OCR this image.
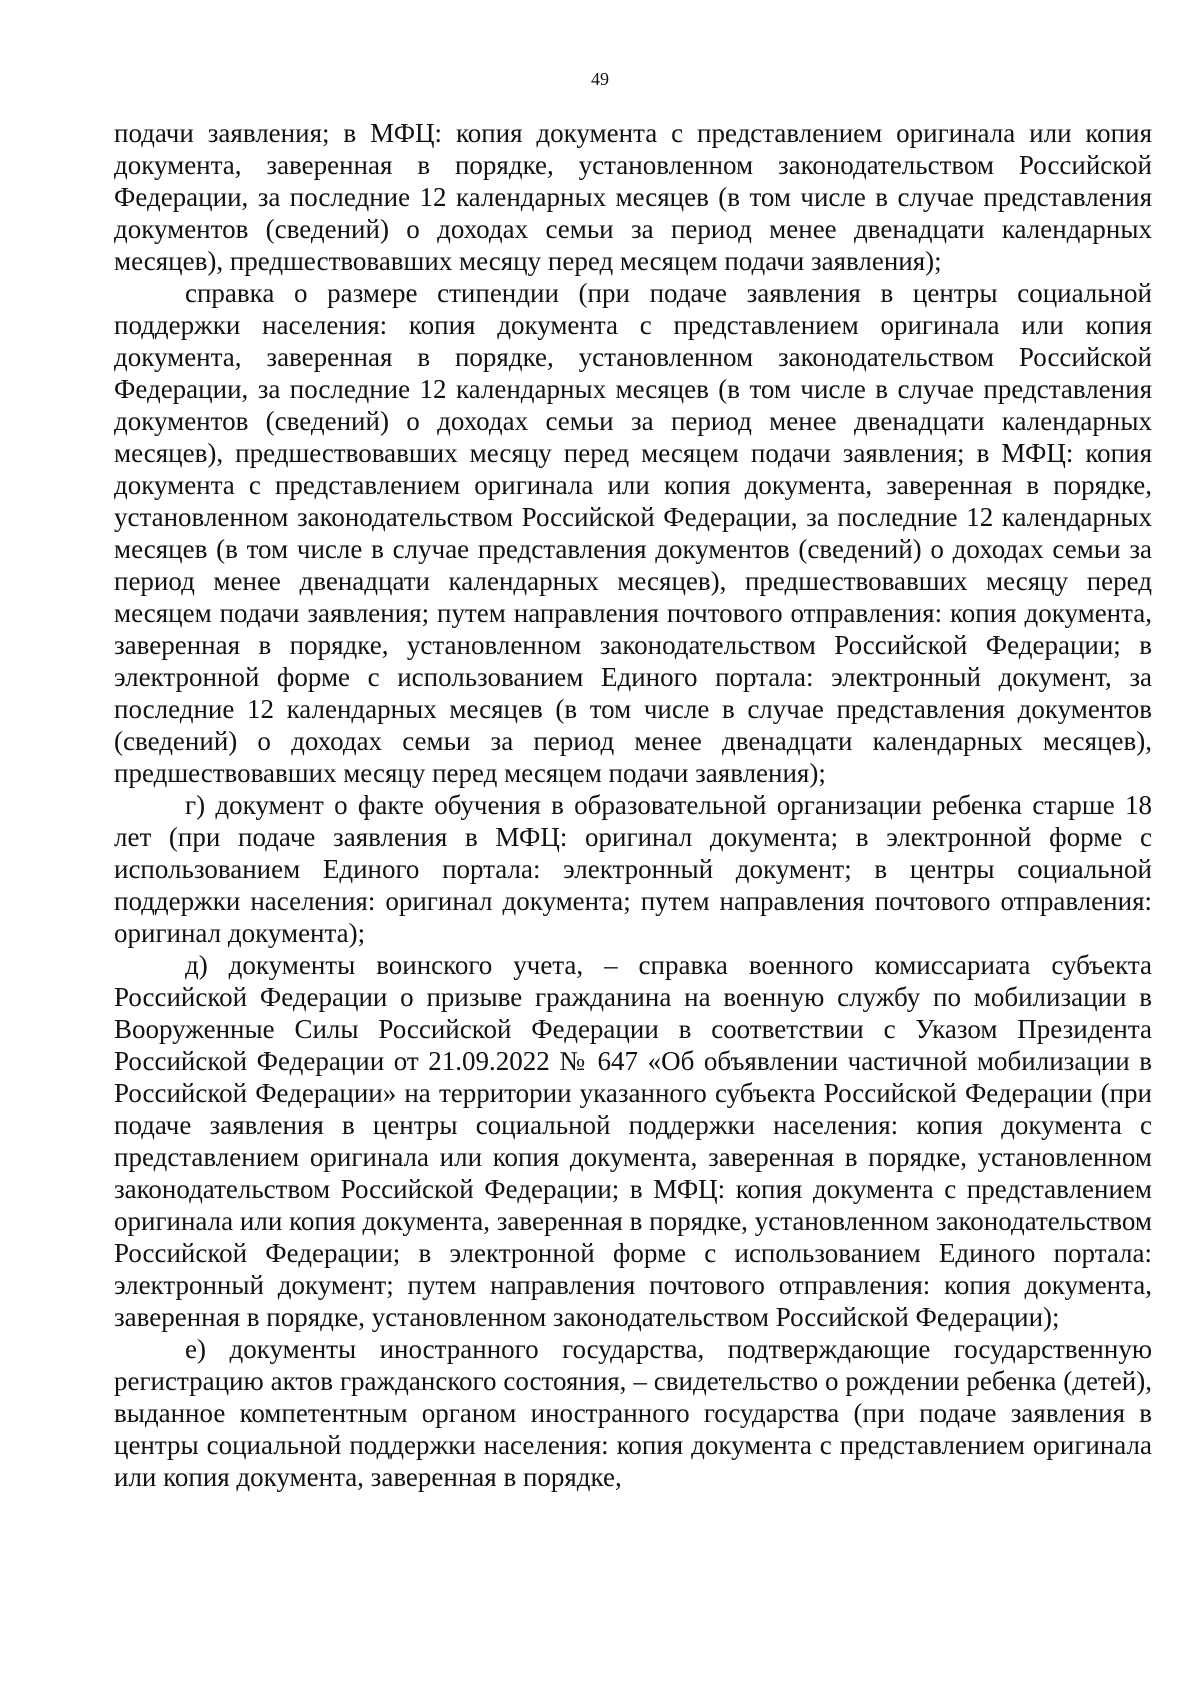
49

подачи заявления; в МФЦ: копия документа с представлением оригинала или копия документа, заверенная в порядке, установленном законодательством Российской Федерации, за последние 12 календарных месяцев (в том числе в случае представления документов (сведений) о доходах семьи за период менее двенадцати календарных месяцев), предшествовавших месяцу перед месяцем подачи заявления);

справка о размере стипендии (при подаче заявления в центры социальной поддержки населения: копия документа с представлением оригинала или копия документа, заверенная в порядке, установленном законодательством Российской Федерации, за последние 12 календарных месяцев (в том числе в случае представления документов (сведений) о доходах семьи за период менее двенадцати календарных месяцев), предшествовавших месяцу перед месяцем подачи заявления; в МФЦ: копия документа с представлением оригинала или копия документа, заверенная в порядке, установленном законодательством Российской Федерации, за последние 12 календарных месяцев (в том числе в случае представления документов (сведений) о доходах семьи за период менее двенадцати календарных месяцев), предшествовавших месяцу перед месяцем подачи заявления; путем направления почтового отправления: копия документа, заверенная в порядке, установленном законодательством Российской Федерации; в электронной форме с использованием Единого портала: электронный документ, за последние 12 календарных месяцев (в том числе в случае представления документов (сведений) о доходах семьи за период менее двенадцати календарных месяцев), предшествовавших месяцу перед месяцем подачи заявления);

г) документ о факте обучения в образовательной организации ребенка старше 18 лет (при подаче заявления в МФЦ: оригинал документа; в электронной форме с использованием Единого портала: электронный документ; в центры социальной поддержки населения: оригинал документа; путем направления почтового отправления: оригинал документа);

д) документы воинского учета, – справка военного комиссариата субъекта Российской Федерации о призыве гражданина на военную службу по мобилизации в Вооруженные Силы Российской Федерации в соответствии с Указом Президента Российской Федерации от 21.09.2022 № 647 «Об объявлении частичной мобилизации в Российской Федерации» на территории указанного субъекта Российской Федерации (при подаче заявления в центры социальной поддержки населения: копия документа с представлением оригинала или копия документа, заверенная в порядке, установленном законодательством Российской Федерации; в МФЦ: копия документа с представлением оригинала или копия документа, заверенная в порядке, установленном законодательством Российской Федерации; в электронной форме с использованием Единого портала: электронный документ; путем направления почтового отправления: копия документа, заверенная в порядке, установленном законодательством Российской Федерации);

е) документы иностранного государства, подтверждающие государственную регистрацию актов гражданского состояния, – свидетельство о рождении ребенка (детей), выданное компетентным органом иностранного государства (при подаче заявления в центры социальной поддержки населения: копия документа с представлением оригинала или копия документа, заверенная в порядке,
